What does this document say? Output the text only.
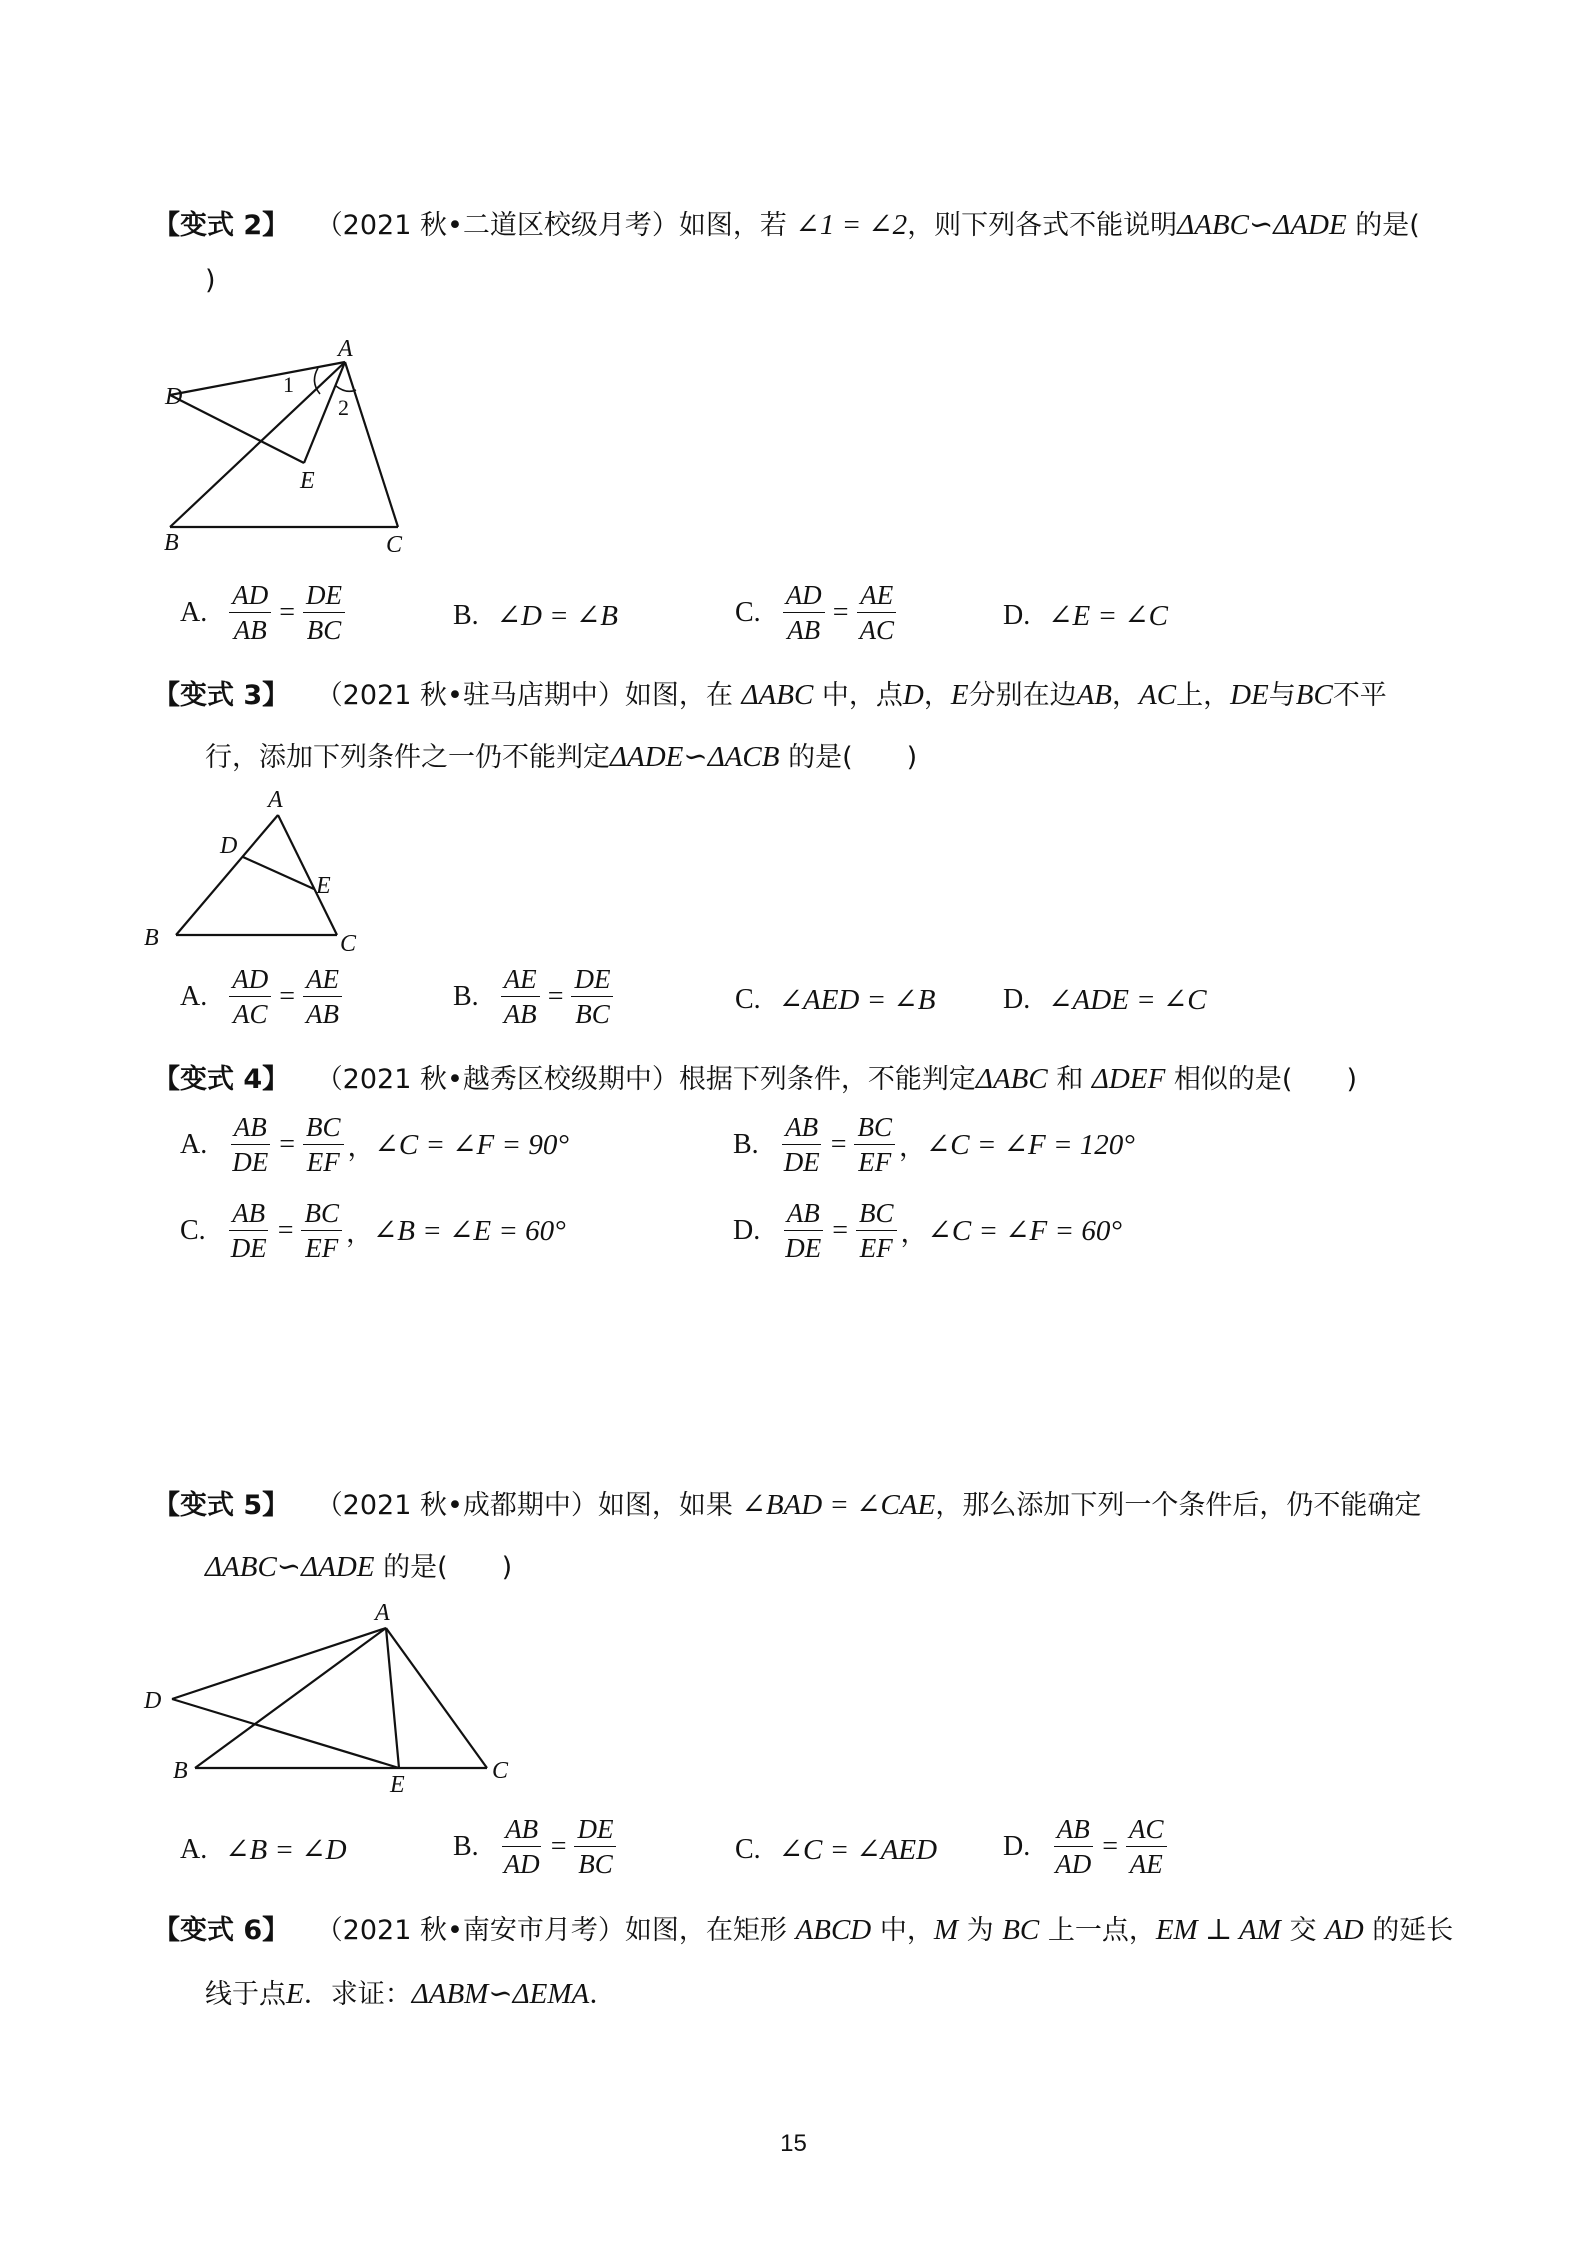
【变式 2】 （2021 秋•二道区校级月考）如图，若 ∠1 = ∠2，则下列各式不能说明ΔABC∽ΔADE 的是(
)
A
B	C
D
E
1
2
A. $\frac{AD}{AB} = \frac{DE}{BC}$	B. ∠D = ∠B	C. $\frac{AD}{AB} = \frac{AE}{AC}$	D. ∠E = ∠C
【变式 3】 （2021 秋•驻马店期中）如图，在 ΔABC 中，点D，E分别在边AB，AC上，DE与BC不平
行，添加下列条件之一仍不能判定ΔADE∽ΔACB 的是(　　)
A
B	C
D
E
A. $\frac{AD}{AC} = \frac{AE}{AB}$	B. $\frac{AE}{AB} = \frac{DE}{BC}$	C. ∠AED = ∠B D. ∠ADE = ∠C
【变式 4】 （2021 秋•越秀区校级期中）根据下列条件，不能判定ΔABC 和 ΔDEF 相似的是(　　)
A. $\frac{AB}{DE} = \frac{BC}{EF}$ ， ∠C = ∠F = 90°	B. $\frac{AB}{DE} = \frac{BC}{EF}$ ， ∠C = ∠F = 120°
C. $\frac{AB}{DE} = \frac{BC}{EF}$ ， ∠B = ∠E = 60°	D. $\frac{AB}{DE} = \frac{BC}{EF}$ ， ∠C = ∠F = 60°
【变式 5】 （2021 秋•成都期中）如图，如果 ∠BAD = ∠CAE，那么添加下列一个条件后，仍不能确定
ΔABC∽ΔADE 的是(　　)
A
B	C
D
E
A. ∠B = ∠D	B. $\frac{AB}{AD} = \frac{DE}{BC}$	C. ∠C = ∠AED D. $\frac{AB}{AD} = \frac{AC}{AE}$
【变式 6】 （2021 秋•南安市月考）如图，在矩形 ABCD 中，M 为 BC 上一点，EM ⊥ AM 交 AD 的延长
线于点E．求证：ΔABM∽ΔEMA．
15
